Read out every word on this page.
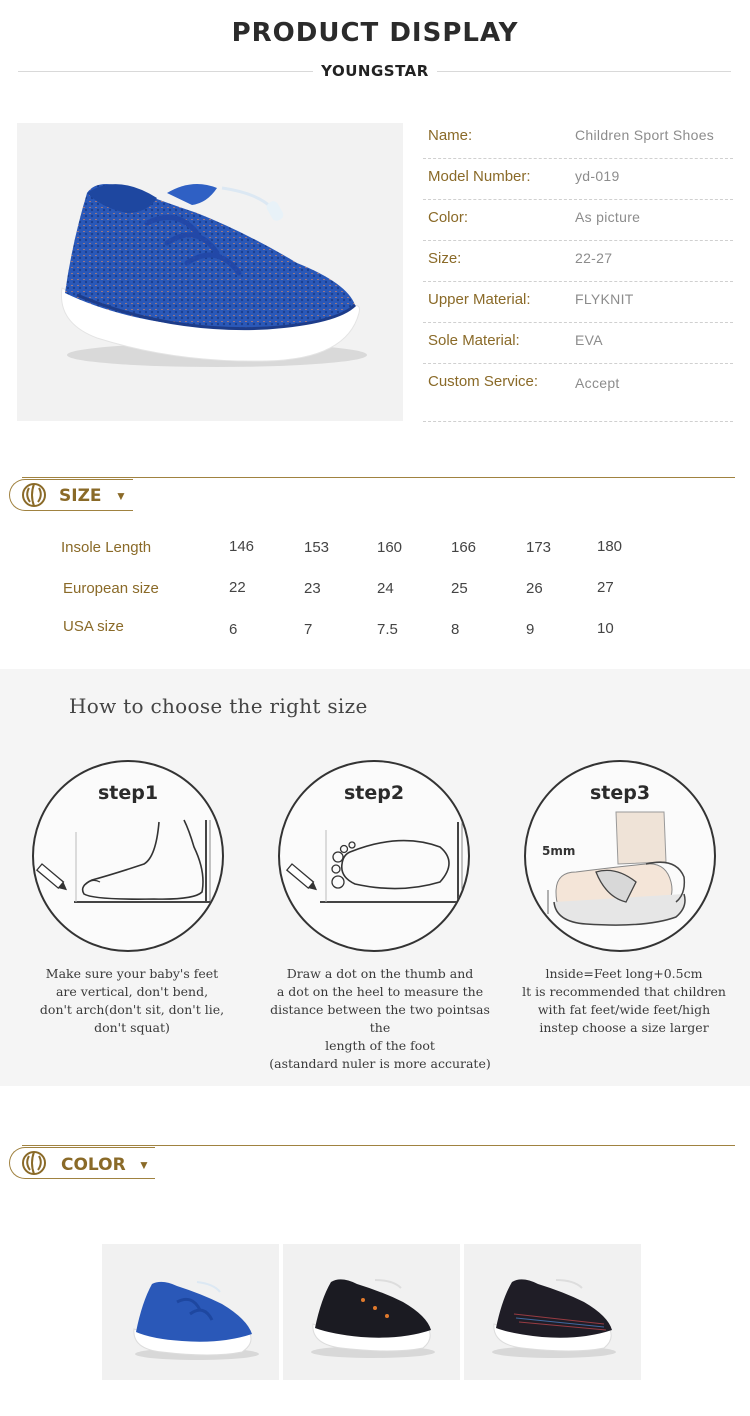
PRODUCT DISPLAY
YOUNGSTAR
Name:	Children Sport Shoes
Model Number:	yd-019
Color:	As picture
Size:	22-27
Upper Material:	FLYKNIT
Sole Material:	EVA
Custom Service:	Accept
SIZE ▼
Insole Length	146	153	160	166	173	180
European size	22	23	24	25	26	27
USA size	6	7	7.5	8	9	10
How to choose the right size
step1
Make sure your baby's feet
are vertical, don't bend,
don't arch(don't sit, don't lie,
don't squat)
step2
Draw a dot on the thumb and
a dot on the heel to measure the
distance between the two pointsas the
length of the foot
(astandard nuler is more accurate)
step3
5mm
lnside=Feet long+0.5cm
lt is recommended that children
with fat feet/wide feet/high
instep choose a size larger
COLOR ▼
